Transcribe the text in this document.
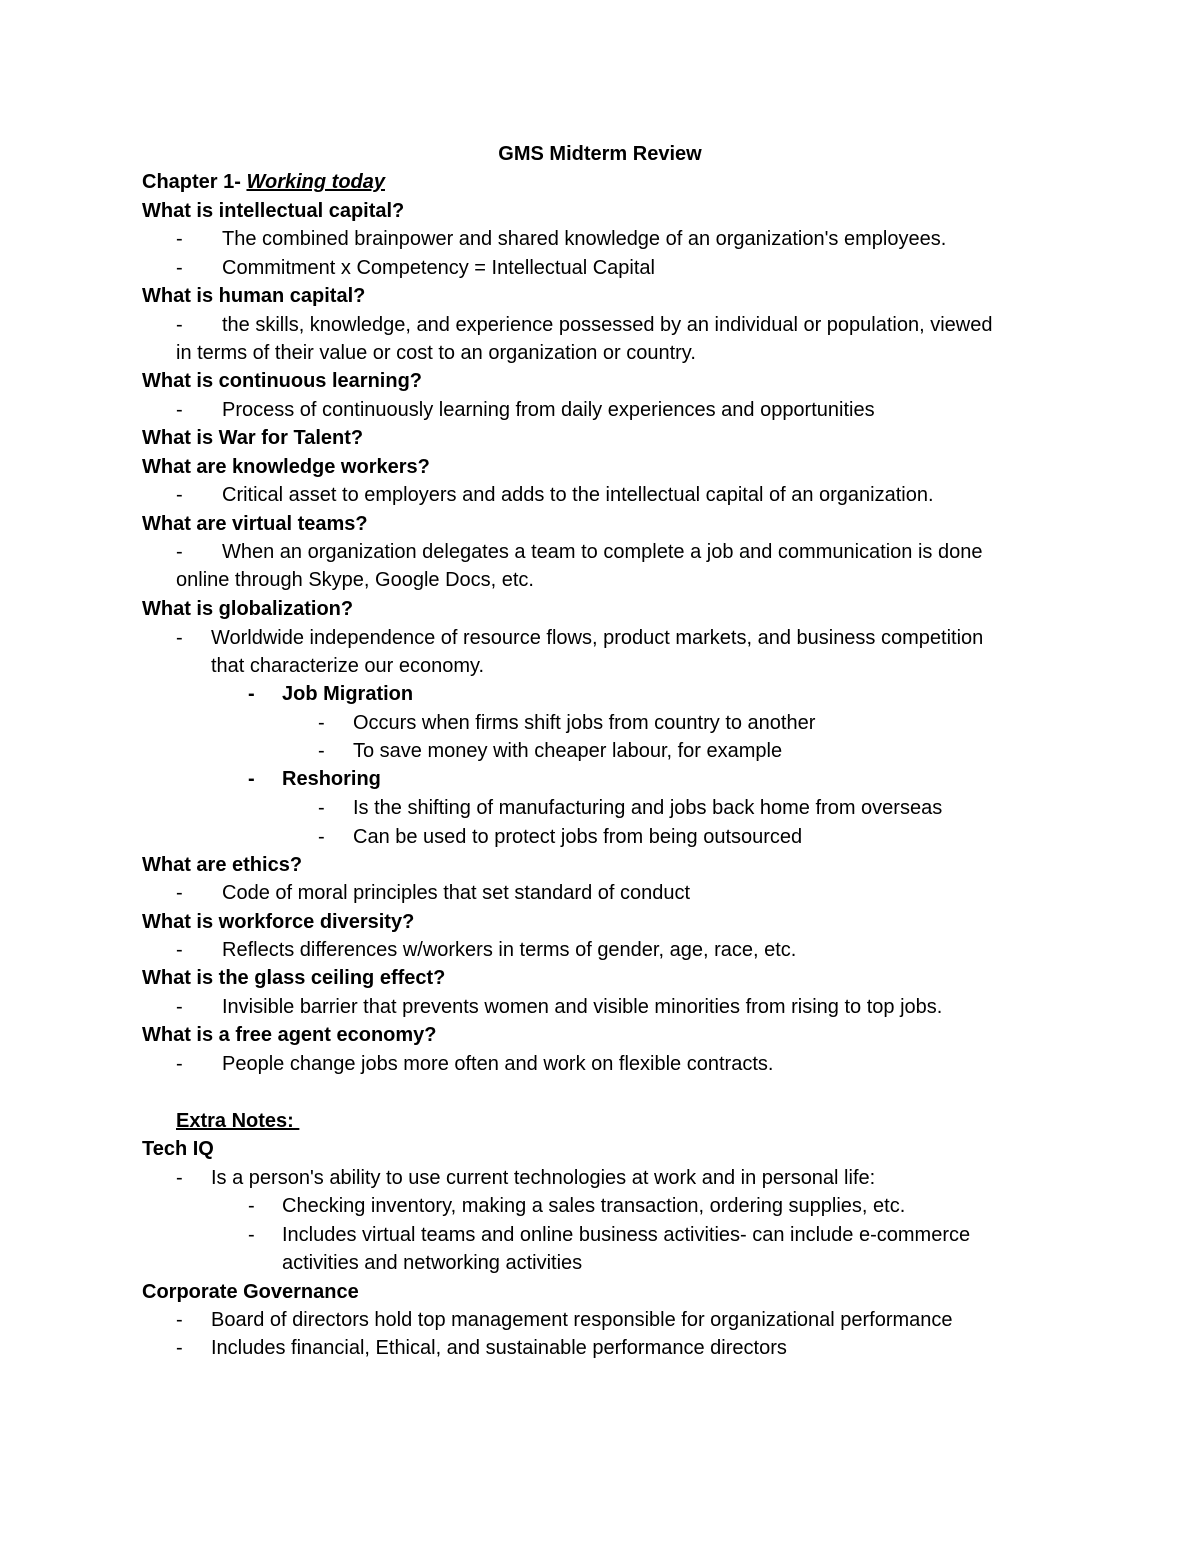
GMS Midterm Review
Chapter 1- Working today
What is intellectual capital?
- The combined brainpower and shared knowledge of an organization's employees.
- Commitment x Competency = Intellectual Capital
What is human capital?
- the skills, knowledge, and experience possessed by an individual or population, viewed
in terms of their value or cost to an organization or country.
What is continuous learning?
- Process of continuously learning from daily experiences and opportunities
What is War for Talent?
What are knowledge workers?
- Critical asset to employers and adds to the intellectual capital of an organization.
What are virtual teams?
- When an organization delegates a team to complete a job and communication is done
online through Skype, Google Docs, etc.
What is globalization?
- Worldwide independence of resource flows, product markets, and business competition
that characterize our economy.
- Job Migration
- Occurs when firms shift jobs from country to another
- To save money with cheaper labour, for example
- Reshoring
- Is the shifting of manufacturing and jobs back home from overseas
- Can be used to protect jobs from being outsourced
What are ethics?
- Code of moral principles that set standard of conduct
What is workforce diversity?
- Reflects differences w/workers in terms of gender, age, race, etc.
What is the glass ceiling effect?
- Invisible barrier that prevents women and visible minorities from rising to top jobs.
What is a free agent economy?
- People change jobs more often and work on flexible contracts.
Extra Notes:
Tech IQ
- Is a person's ability to use current technologies at work and in personal life:
- Checking inventory, making a sales transaction, ordering supplies, etc.
- Includes virtual teams and online business activities- can include e-commerce
activities and networking activities
Corporate Governance
- Board of directors hold top management responsible for organizational performance
- Includes financial, Ethical, and sustainable performance directors
